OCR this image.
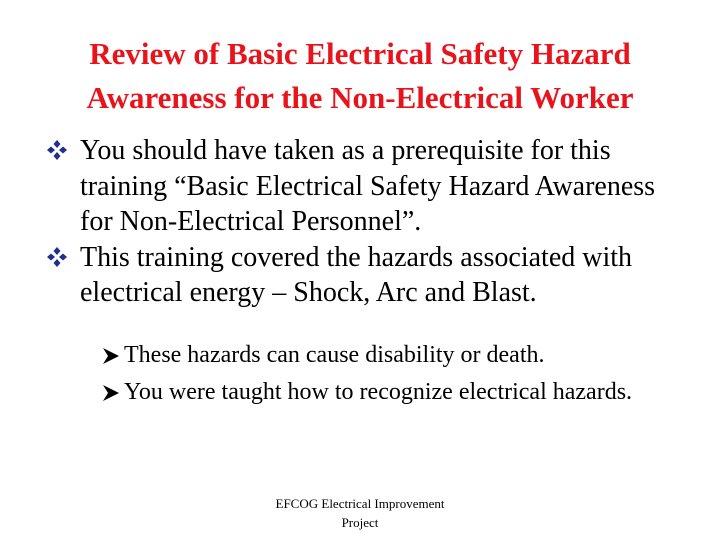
Review of Basic Electrical Safety Hazard
Awareness for the Non-Electrical Worker
You should have taken as a prerequisite for this training “Basic Electrical Safety Hazard Awareness for Non-Electrical Personnel”.
This training covered the hazards associated with electrical energy – Shock, Arc and Blast.
These hazards can cause disability or death.
You were taught how to recognize electrical hazards.
EFCOG Electrical Improvement
Project
